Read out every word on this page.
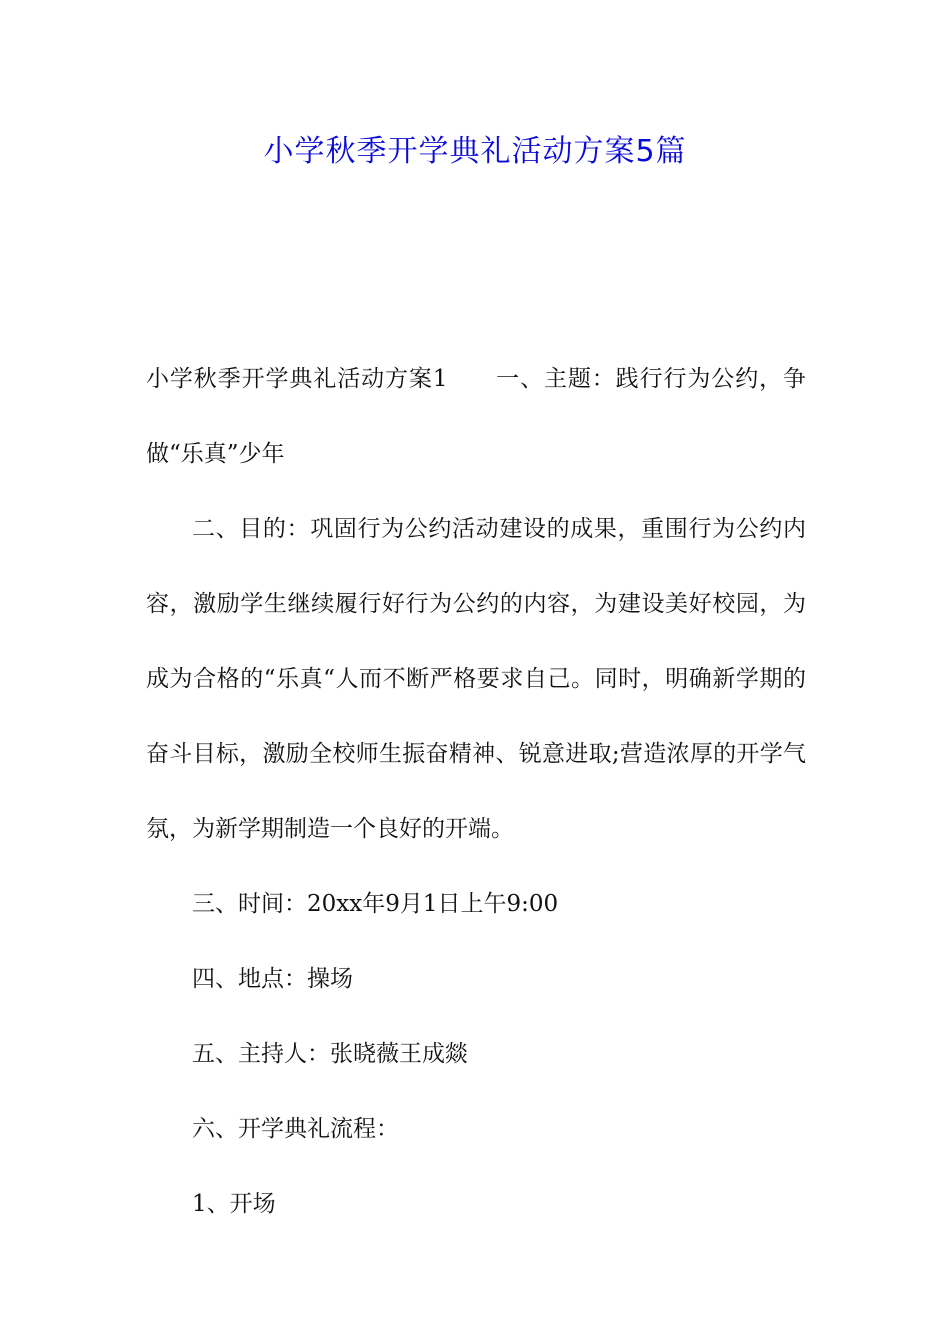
小学秋季开学典礼活动方案5篇

小学秋季开学典礼活动方案1　　一、主题：践行行为公约，争做“乐真”少年

二、目的：巩固行为公约活动建设的成果，重围行为公约内容，激励学生继续履行好行为公约的内容，为建设美好校园，为成为合格的“乐真“人而不断严格要求自己。同时，明确新学期的奋斗目标，激励全校师生振奋精神、锐意进取;营造浓厚的开学气氛，为新学期制造一个良好的开端。

三、时间：20xx年9月1日上午9:00

四、地点：操场

五、主持人：张晓薇王成燚

六、开学典礼流程：

1、开场
